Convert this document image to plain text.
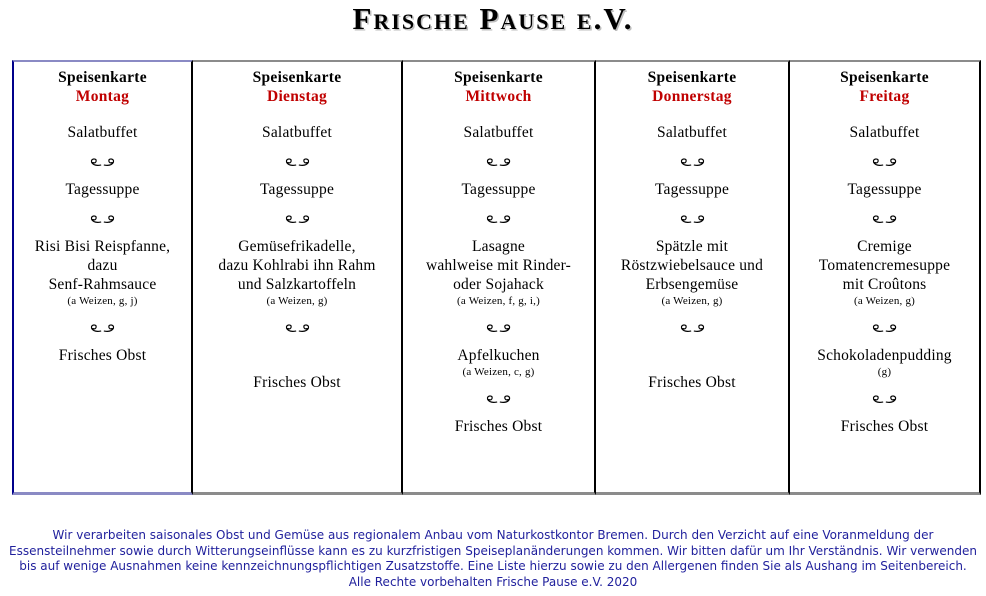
Frische Pause e.V.
Speisenkarte
Montag
Salatbuffet
Tagessuppe
Risi Bisi Reispfanne,
dazu
Senf-Rahmsauce
(a Weizen, g, j)
Frisches Obst
Speisenkarte
Dienstag
Salatbuffet
Tagessuppe
Gemüsefrikadelle,
dazu Kohlrabi ihn Rahm
und Salzkartoffeln
(a Weizen, g)
Frisches Obst
Speisenkarte
Mittwoch
Salatbuffet
Tagessuppe
Lasagne
wahlweise mit Rinder-
oder Sojahack
(a Weizen, f, g, i,)
Apfelkuchen
(a Weizen, c, g)
Frisches Obst
Speisenkarte
Donnerstag
Salatbuffet
Tagessuppe
Spätzle mit
Röstzwiebelsauce und
Erbsengemüse
(a Weizen, g)
Frisches Obst
Speisenkarte
Freitag
Salatbuffet
Tagessuppe
Cremige
Tomatencremesuppe
mit Croûtons
(a Weizen, g)
Schokoladenpudding
(g)
Frisches Obst
Wir verarbeiten saisonales Obst und Gemüse aus regionalem Anbau vom Naturkostkontor Bremen. Durch den Verzicht auf eine Voranmeldung der
Essensteilnehmer sowie durch Witterungseinflüsse kann es zu kurzfristigen Speiseplanänderungen kommen. Wir bitten dafür um Ihr Verständnis. Wir verwenden
bis auf wenige Ausnahmen keine kennzeichnungspflichtigen Zusatzstoffe. Eine Liste hierzu sowie zu den Allergenen finden Sie als Aushang im Seitenbereich.
Alle Rechte vorbehalten Frische Pause e.V. 2020
